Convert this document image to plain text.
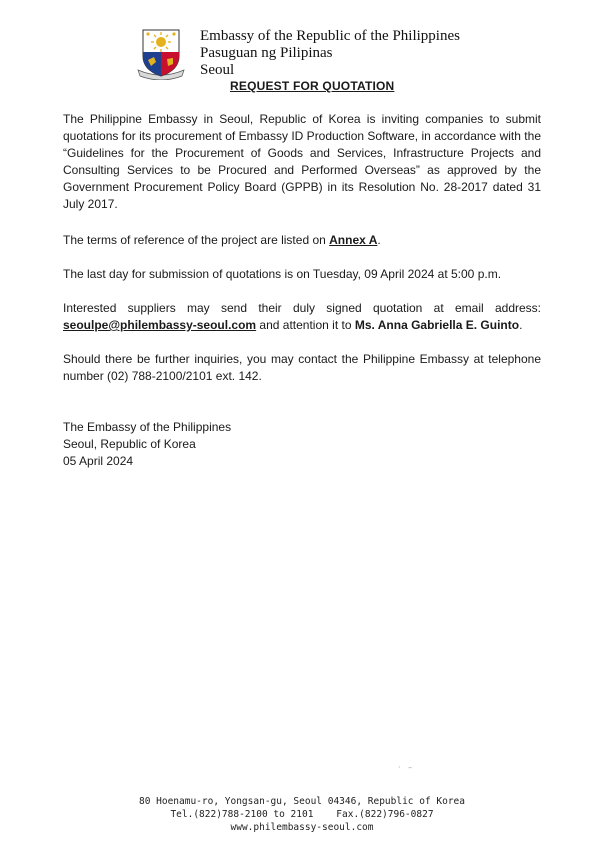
Embassy of the Republic of the Philippines
Pasuguan ng Pilipinas
Seoul
REQUEST FOR QUOTATION

The Philippine Embassy in Seoul, Republic of Korea is inviting companies to submit quotations for its procurement of Embassy ID Production Software, in accordance with the “Guidelines for the Procurement of Goods and Services, Infrastructure Projects and Consulting Services to be Procured and Performed Overseas” as approved by the Government Procurement Policy Board (GPPB) in its Resolution No. 28-2017 dated 31 July 2017.

The terms of reference of the project are listed on Annex A.

The last day for submission of quotations is on Tuesday, 09 April 2024 at 5:00 p.m.

Interested suppliers may send their duly signed quotation at email address: seoulpe@philembassy-seoul.com and attention it to Ms. Anna Gabriella E. Guinto.

Should there be further inquiries, you may contact the Philippine Embassy at telephone number (02) 788-2100/2101 ext. 142.

The Embassy of the Philippines
Seoul, Republic of Korea
05 April 2024

·   –
80 Hoenamu-ro, Yongsan-gu, Seoul 04346, Republic of Korea
Tel.(822)788-2100 to 2101    Fax.(822)796-0827
www.philembassy-seoul.com
